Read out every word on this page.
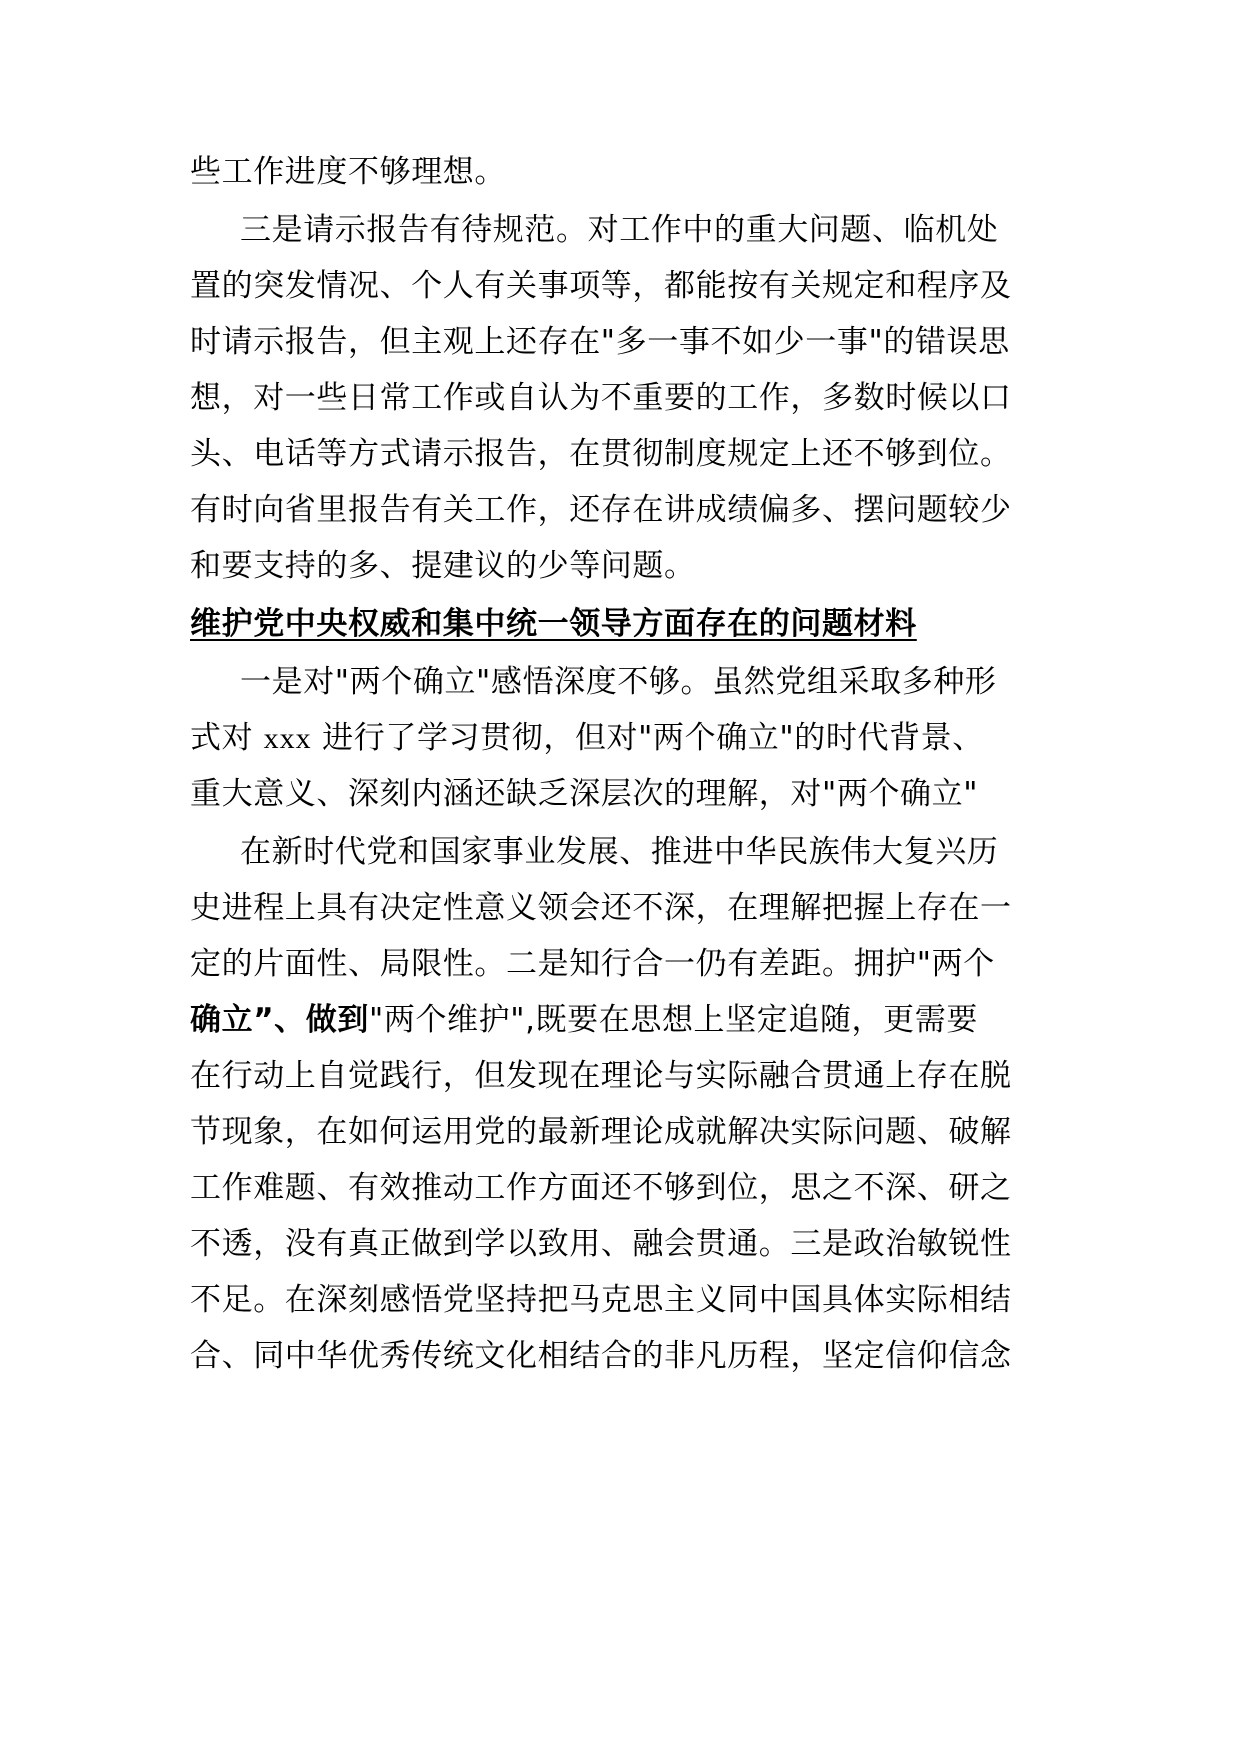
些工作进度不够理想。
三是请示报告有待规范。对工作中的重大问题、临机处
置的突发情况、个人有关事项等，都能按有关规定和程序及
时请示报告，但主观上还存在"多一事不如少一事"的错误思
想，对一些日常工作或自认为不重要的工作，多数时候以口
头、电话等方式请示报告，在贯彻制度规定上还不够到位。
有时向省里报告有关工作，还存在讲成绩偏多、摆问题较少
和要支持的多、提建议的少等问题。
维护党中央权威和集中统一领导方面存在的问题材料
一是对"两个确立"感悟深度不够。虽然党组采取多种形
式对 xxx 进行了学习贯彻，但对"两个确立"的时代背景、
重大意义、深刻内涵还缺乏深层次的理解，对"两个确立"
在新时代党和国家事业发展、推进中华民族伟大复兴历
史进程上具有决定性意义领会还不深，在理解把握上存在一
定的片面性、局限性。二是知行合一仍有差距。拥护"两个
确立”、做到"两个维护",既要在思想上坚定追随，更需要
在行动上自觉践行，但发现在理论与实际融合贯通上存在脱
节现象，在如何运用党的最新理论成就解决实际问题、破解
工作难题、有效推动工作方面还不够到位，思之不深、研之
不透，没有真正做到学以致用、融会贯通。三是政治敏锐性
不足。在深刻感悟党坚持把马克思主义同中国具体实际相结
合、同中华优秀传统文化相结合的非凡历程，坚定信仰信念
